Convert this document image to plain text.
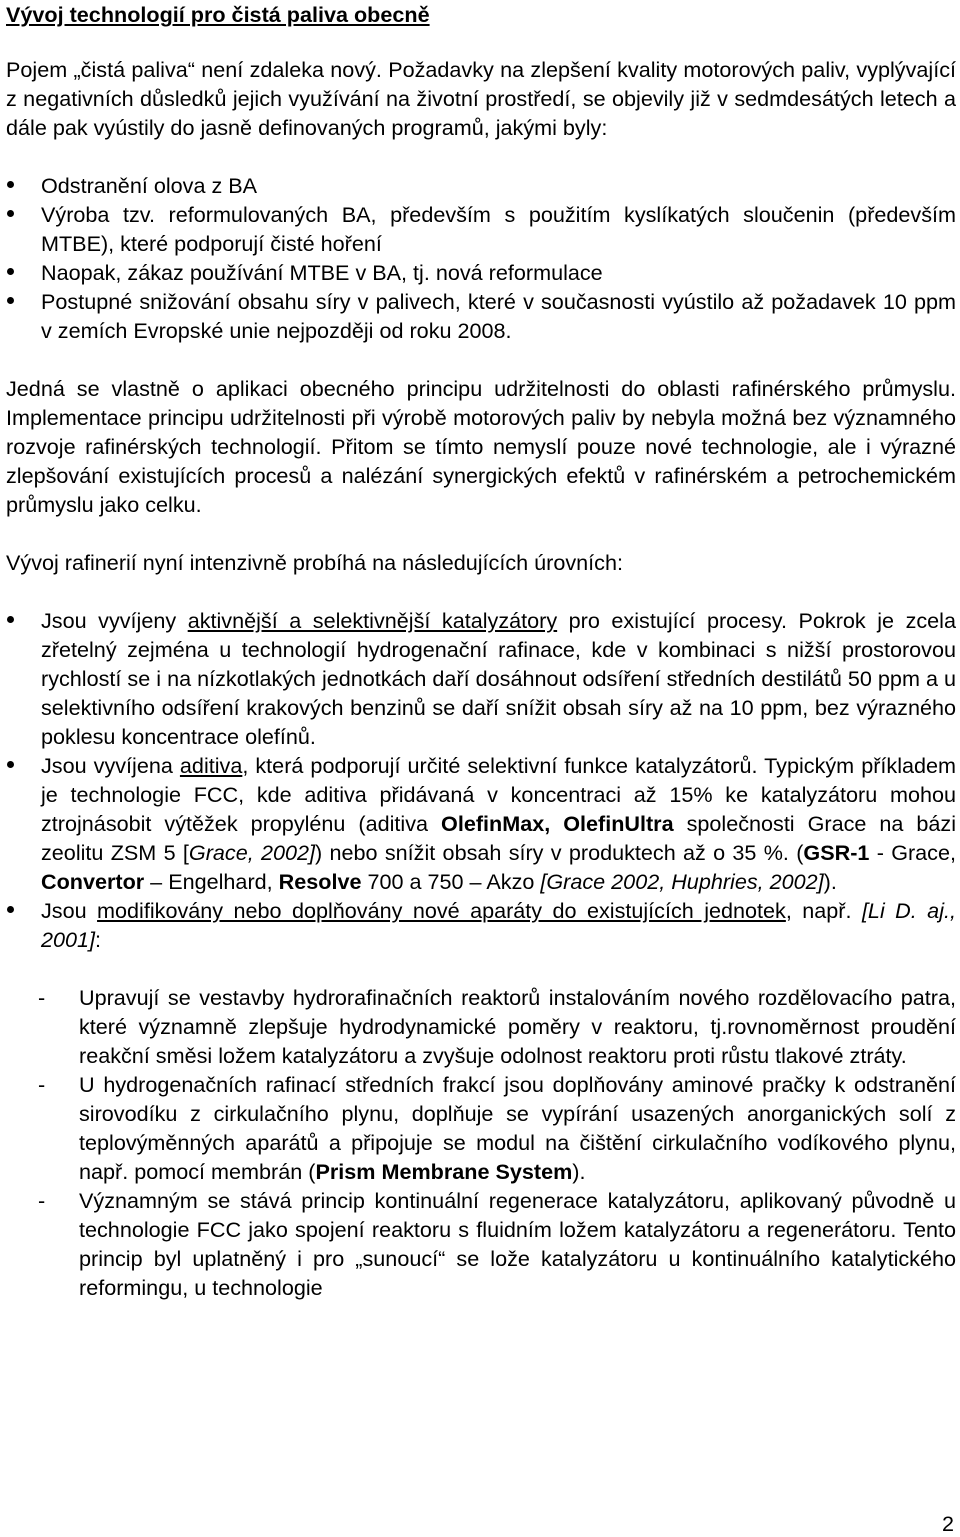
Vývoj technologií pro čistá paliva obecně

Pojem „čistá paliva“ není zdaleka nový. Požadavky na zlepšení kvality motorových paliv, vyplývající z negativních důsledků jejich využívání na životní prostředí, se objevily již v sedmdesátých letech a dále pak vyústily do jasně definovaných programů, jakými byly:

Odstranění olova z BA
Výroba tzv. reformulovaných BA, především s použitím kyslíkatých sloučenin (především MTBE), které podporují čisté hoření
Naopak, zákaz používání MTBE v BA, tj. nová reformulace
Postupné snižování obsahu síry v palivech, které v současnosti vyústilo až požadavek 10 ppm v zemích Evropské unie nejpozději od roku 2008.

Jedná se vlastně o aplikaci obecného principu udržitelnosti do oblasti rafinérského průmyslu. Implementace principu udržitelnosti při výrobě motorových paliv by nebyla možná bez významného rozvoje rafinérských technologií. Přitom se tímto nemyslí pouze nové technologie, ale i výrazné zlepšování existujících procesů a nalézání synergických efektů v rafinérském a petrochemickém průmyslu jako celku.

Vývoj rafinerií nyní intenzivně probíhá na následujících úrovních:

Jsou vyvíjeny aktivnější a selektivnější katalyzátory pro existující procesy. Pokrok je zcela zřetelný zejména u technologií hydrogenační rafinace, kde v kombinaci s nižší prostorovou rychlostí se i na nízkotlakých jednotkách daří dosáhnout odsíření středních destilátů 50 ppm a u selektivního odsíření krakových benzinů se daří snížit obsah síry až na 10 ppm, bez výrazného poklesu koncentrace olefínů.
Jsou vyvíjena aditiva, která podporují určité selektivní funkce katalyzátorů. Typickým příkladem je technologie FCC, kde aditiva přidávaná v koncentraci až 15% ke katalyzátoru mohou ztrojnásobit výtěžek propylénu (aditiva OlefinMax, OlefinUltra společnosti Grace na bázi zeolitu ZSM 5 [Grace, 2002]) nebo snížit obsah síry v produktech až o 35 %. (GSR-1 - Grace, Convertor – Engelhard, Resolve 700 a 750 – Akzo [Grace 2002, Huphries, 2002]).
Jsou modifikovány nebo doplňovány nové aparáty do existujících jednotek, např. [Li D. aj., 2001]:
- Upravují se vestavby hydrorafinačních reaktorů instalováním nového rozdělovacího patra, které významně zlepšuje hydrodynamické poměry v reaktoru, tj.rovnoměrnost proudění reakční směsi ložem katalyzátoru a zvyšuje odolnost reaktoru proti růstu tlakové ztráty.
- U hydrogenačních rafinací středních frakcí jsou doplňovány aminové pračky k odstranění sirovodíku z cirkulačního plynu, doplňuje se vypírání usazených anorganických solí z teplovýměnných aparátů a připojuje se modul na čištění cirkulačního vodíkového plynu, např. pomocí membrán (Prism Membrane System).
- Významným se stává princip kontinuální regenerace katalyzátoru, aplikovaný původně u technologie FCC jako spojení reaktoru s fluidním ložem katalyzátoru a regenerátoru. Tento princip byl uplatněný i pro „sunoucí“ se lože katalyzátoru u kontinuálního katalytického reformingu, u technologie
2
